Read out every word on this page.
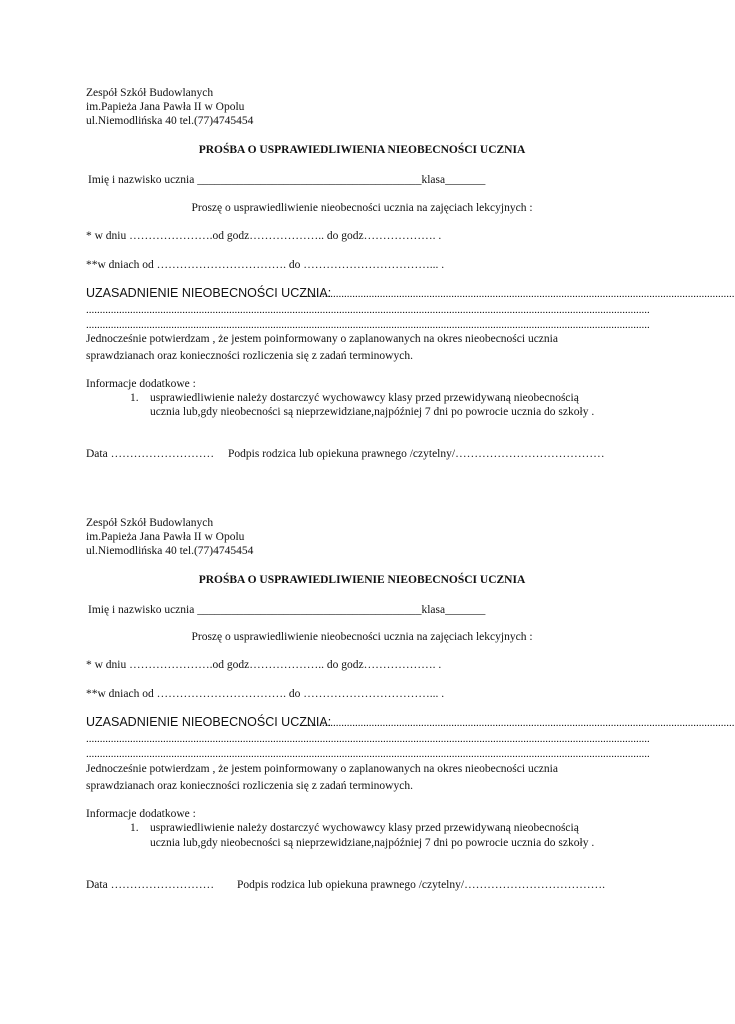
Zespół Szkół Budowlanych
im.Papieża Jana Pawła II w Opolu
ul.Niemodlińska 40 tel.(77)4745454
PROŚBA O USPRAWIEDLIWIENIA NIEOBECNOŚCI UCZNIA
Imię i nazwisko ucznia _______________________________________klasa_______
Proszę o usprawiedliwienie nieobecności ucznia na zajęciach lekcyjnych :
* w dniu ………………….od godz……………….. do godz………………. .
**w dniach od ……………………………. do ……………………………... .
UZASADNIENIE NIEOBECNOŚCI UCZNIA:
..............................................................................................................................................................
.............................................................................................................................................................................................................
.............................................................................................................................................................................................................
Jednocześnie potwierdzam , że jestem poinformowany o zaplanowanych na okres nieobecności ucznia
sprawdzianach oraz konieczności rozliczenia się z zadań terminowych.
Informacje dodatkowe :
1. usprawiedliwienie należy dostarczyć wychowawcy klasy przed przewidywaną nieobecnością
ucznia lub,gdy nieobecności są nieprzewidziane,najpóźniej 7 dni po powrocie ucznia do szkoły .
Data ……………………… Podpis rodzica lub opiekuna prawnego /czytelny/…………………………………
Zespół Szkół Budowlanych
im.Papieża Jana Pawła II w Opolu
ul.Niemodlińska 40 tel.(77)4745454
PROŚBA O USPRAWIEDLIWIENIE NIEOBECNOŚCI UCZNIA
Imię i nazwisko ucznia _______________________________________klasa_______
Proszę o usprawiedliwienie nieobecności ucznia na zajęciach lekcyjnych :
* w dniu ………………….od godz……………….. do godz………………. .
**w dniach od ……………………………. do ……………………………... .
UZASADNIENIE NIEOBECNOŚCI UCZNIA:
..............................................................................................................................................................
.............................................................................................................................................................................................................
.............................................................................................................................................................................................................
Jednocześnie potwierdzam , że jestem poinformowany o zaplanowanych na okres nieobecności ucznia
sprawdzianach oraz konieczności rozliczenia się z zadań terminowych.
Informacje dodatkowe :
1. usprawiedliwienie należy dostarczyć wychowawcy klasy przed przewidywaną nieobecnością
ucznia lub,gdy nieobecności są nieprzewidziane,najpóźniej 7 dni po powrocie ucznia do szkoły .
Data ……………………… Podpis rodzica lub opiekuna prawnego /czytelny/……………………………….
